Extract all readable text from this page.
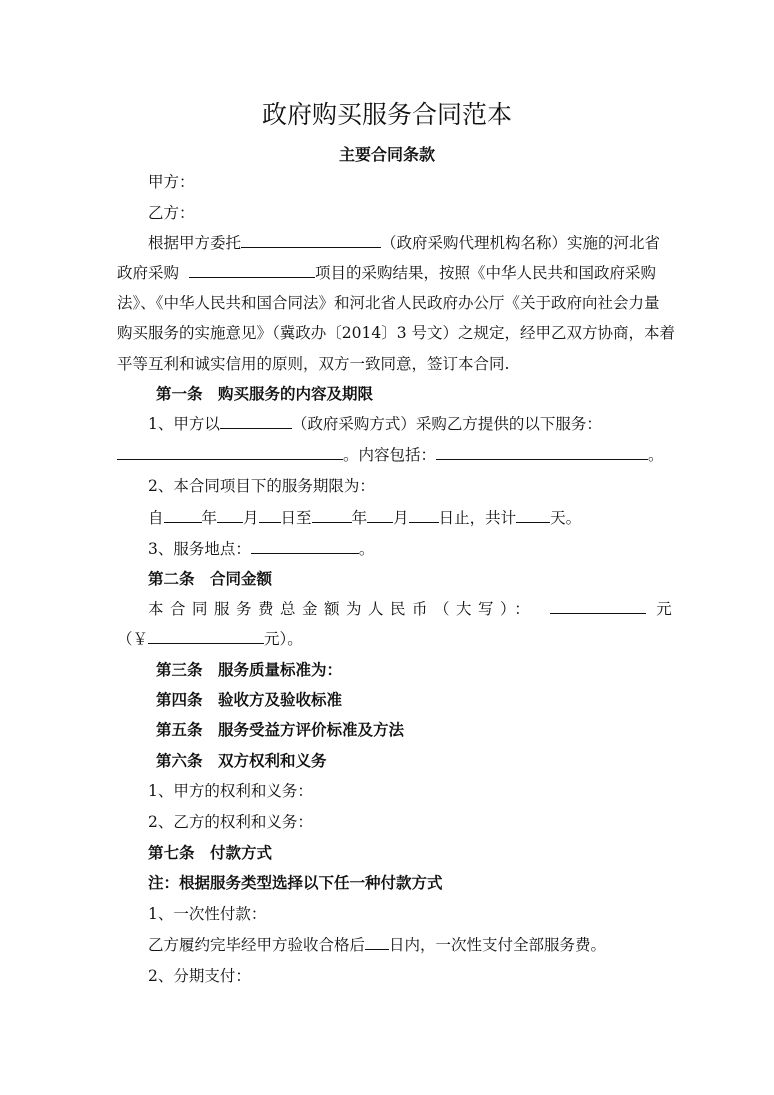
政府购买服务合同范本
主要合同条款
甲方：
乙方：
根据甲方委托	（政府采购代理机构名称）实施的河北省
政府采购	项目的采购结果，按照《中华人民共和国政府采购
法》、《中华人民共和国合同法》和河北省人民政府办公厅《关于政府向社会力量
购买服务的实施意见》（冀政办〔2014〕3 号文）之规定，经甲乙双方协商，本着
平等互利和诚实信用的原则，双方一致同意，签订本合同.
第一条　购买服务的内容及期限
1、甲方以	（政府采购方式）采购乙方提供的以下服务：
。内容包括：	。
2、本合同项目下的服务期限为：
自 年 月 日至	年 月 日止，共计 天。
3、服务地点：	。
第二条　合同金额
本合同服务费总金额为人民币（大写）：	元
（￥	元）。
第三条　服务质量标准为：
第四条　验收方及验收标准
第五条　服务受益方评价标准及方法
第六条　双方权利和义务
1、甲方的权利和义务：
2、乙方的权利和义务：
第七条　付款方式
注：根据服务类型选择以下任一种付款方式
1、一次性付款：
乙方履约完毕经甲方验收合格后 日内，一次性支付全部服务费。
2、分期支付：
